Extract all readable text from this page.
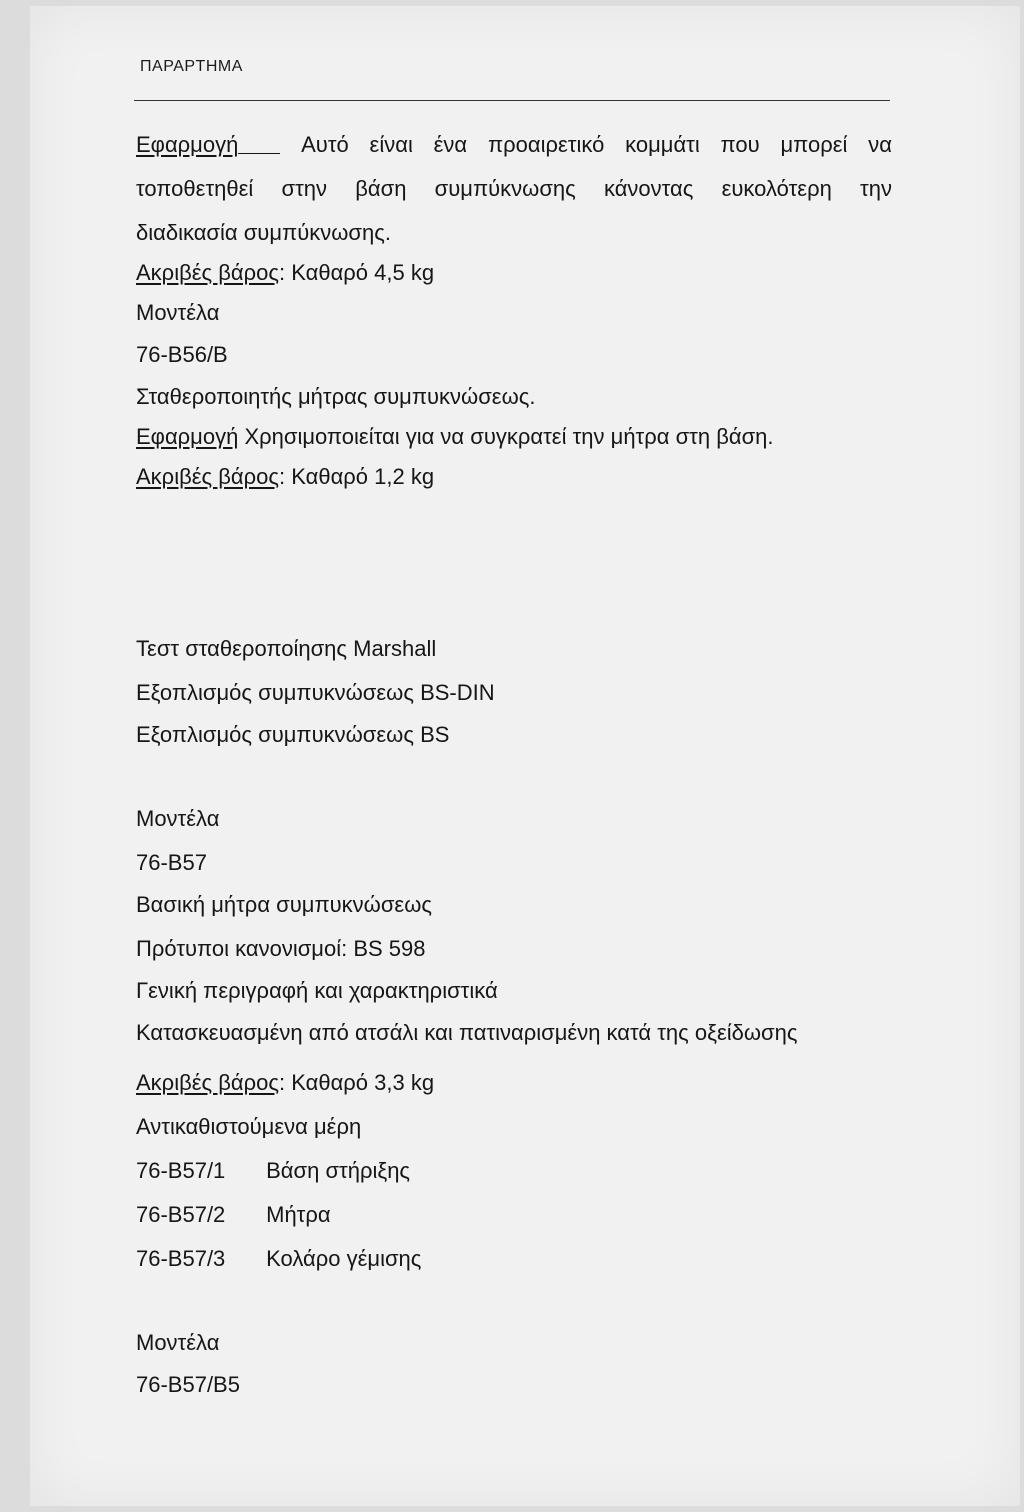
ΠΑΡΑΡΤΗΜΑ
Εφαρμογή	Αυτό είναι ένα προαιρετικό κομμάτι που μπορεί να
τοποθετηθεί στην βάση συμπύκνωσης κάνοντας ευκολότερη την
διαδικασία συμπύκνωσης.
Ακριβές βάρος: Καθαρό 4,5 kg
Μοντέλα
76-B56/B
Σταθεροποιητής μήτρας συμπυκνώσεως.
Εφαρμογή Χρησιμοποιείται για να συγκρατεί την μήτρα στη βάση.
Ακριβές βάρος: Καθαρό 1,2 kg
Τεστ σταθεροποίησης Marshall
Εξοπλισμός συμπυκνώσεως BS-DIN
Εξοπλισμός συμπυκνώσεως BS
Μοντέλα
76-B57
Βασική μήτρα συμπυκνώσεως
Πρότυποι κανονισμοί: BS 598
Γενική περιγραφή και χαρακτηριστικά
Κατασκευασμένη από ατσάλι και πατιναρισμένη κατά της οξείδωσης
Ακριβές βάρος: Καθαρό 3,3 kg
Αντικαθιστούμενα μέρη
76-B57/1 Βάση στήριξης
76-B57/2 Μήτρα
76-B57/3 Κολάρο γέμισης
Μοντέλα
76-B57/B5
